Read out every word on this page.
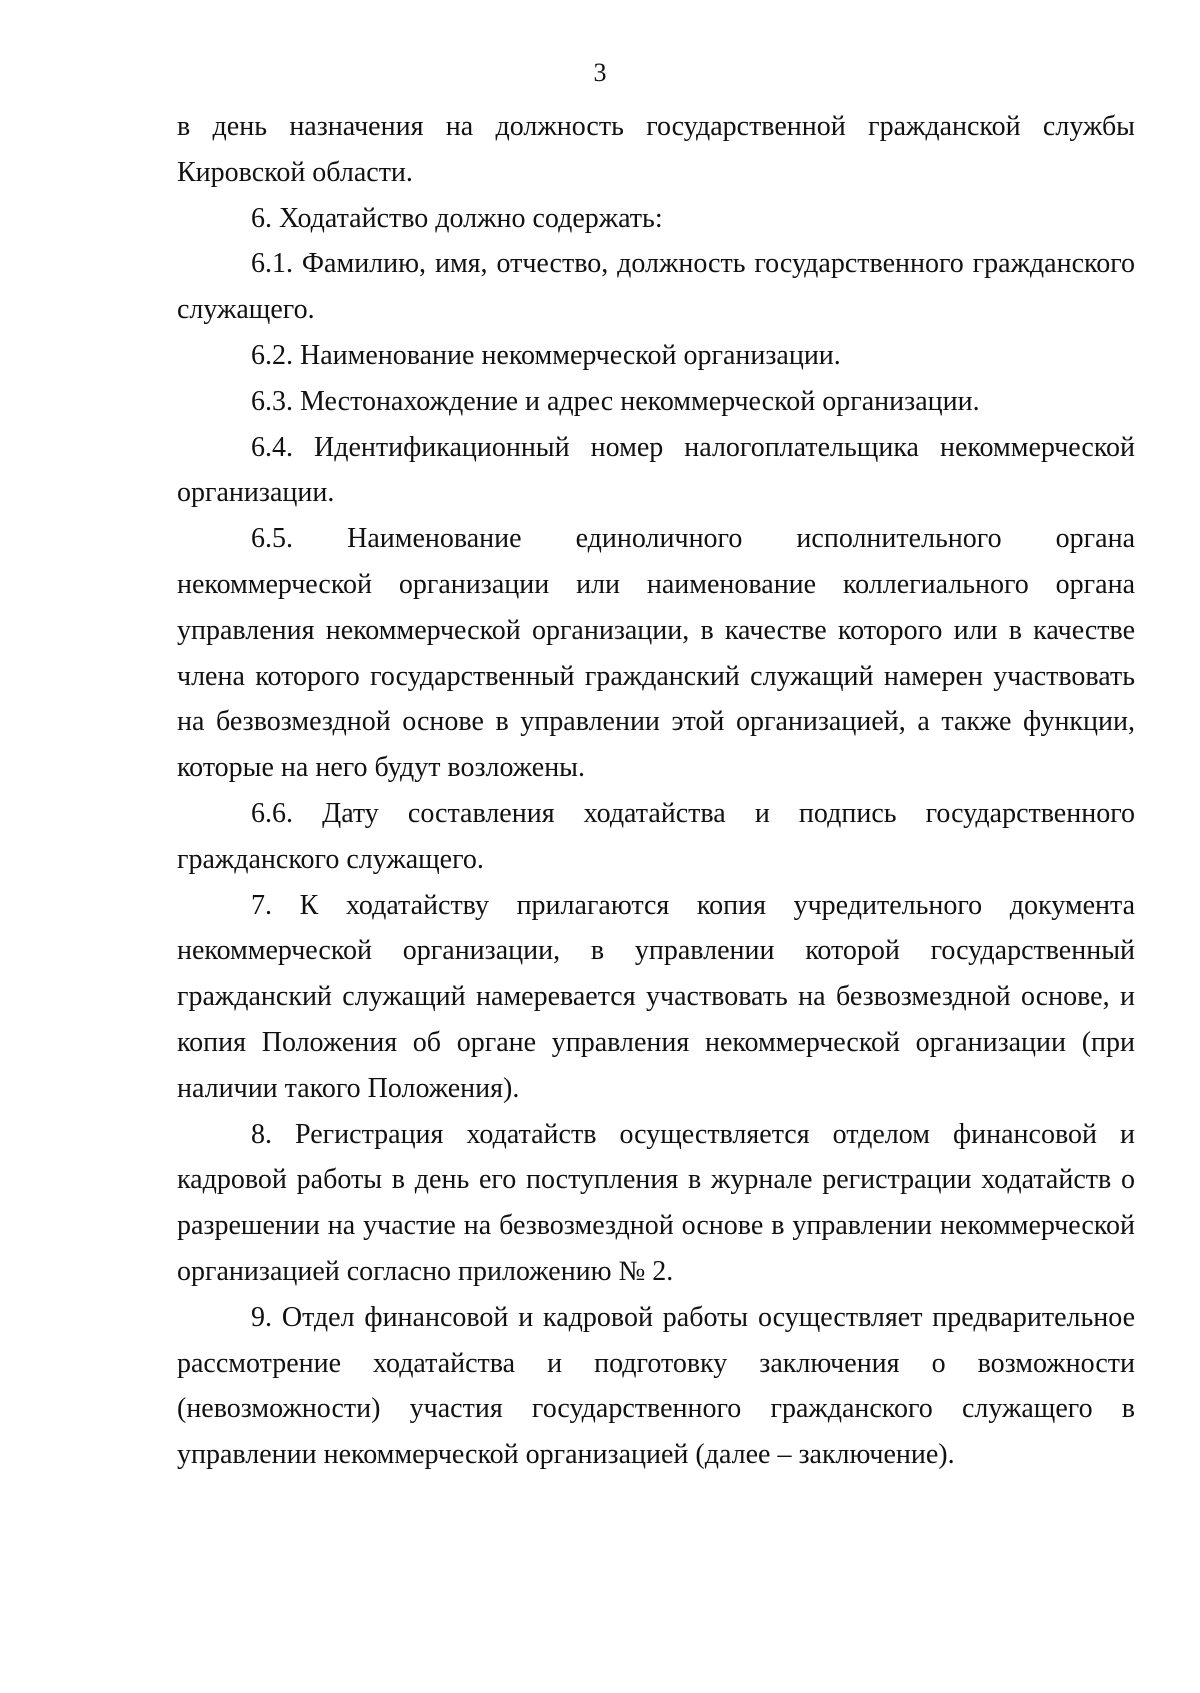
3

в день назначения на должность государственной гражданской службы Кировской области.

6. Ходатайство должно содержать:

6.1. Фамилию, имя, отчество, должность государственного гражданского служащего.

6.2. Наименование некоммерческой организации.

6.3. Местонахождение и адрес некоммерческой организации.

6.4. Идентификационный номер налогоплательщика некоммерческой организации.

6.5. Наименование единоличного исполнительного органа некоммерческой организации или наименование коллегиального органа управления некоммерческой организации, в качестве которого или в качестве члена которого государственный гражданский служащий намерен участвовать на безвозмездной основе в управлении этой организацией, а также функции, которые на него будут возложены.

6.6. Дату составления ходатайства и подпись государственного гражданского служащего.

7. К ходатайству прилагаются копия учредительного документа некоммерческой организации, в управлении которой государственный гражданский служащий намеревается участвовать на безвозмездной основе, и копия Положения об органе управления некоммерческой организации (при наличии такого Положения).

8. Регистрация ходатайств осуществляется отделом финансовой и кадровой работы в день его поступления в журнале регистрации ходатайств о разрешении на участие на безвозмездной основе в управлении некоммерческой организацией согласно приложению № 2.

9. Отдел финансовой и кадровой работы осуществляет предварительное рассмотрение ходатайства и подготовку заключения о возможности (невозможности) участия государственного гражданского служащего в управлении некоммерческой организацией (далее – заключение).
